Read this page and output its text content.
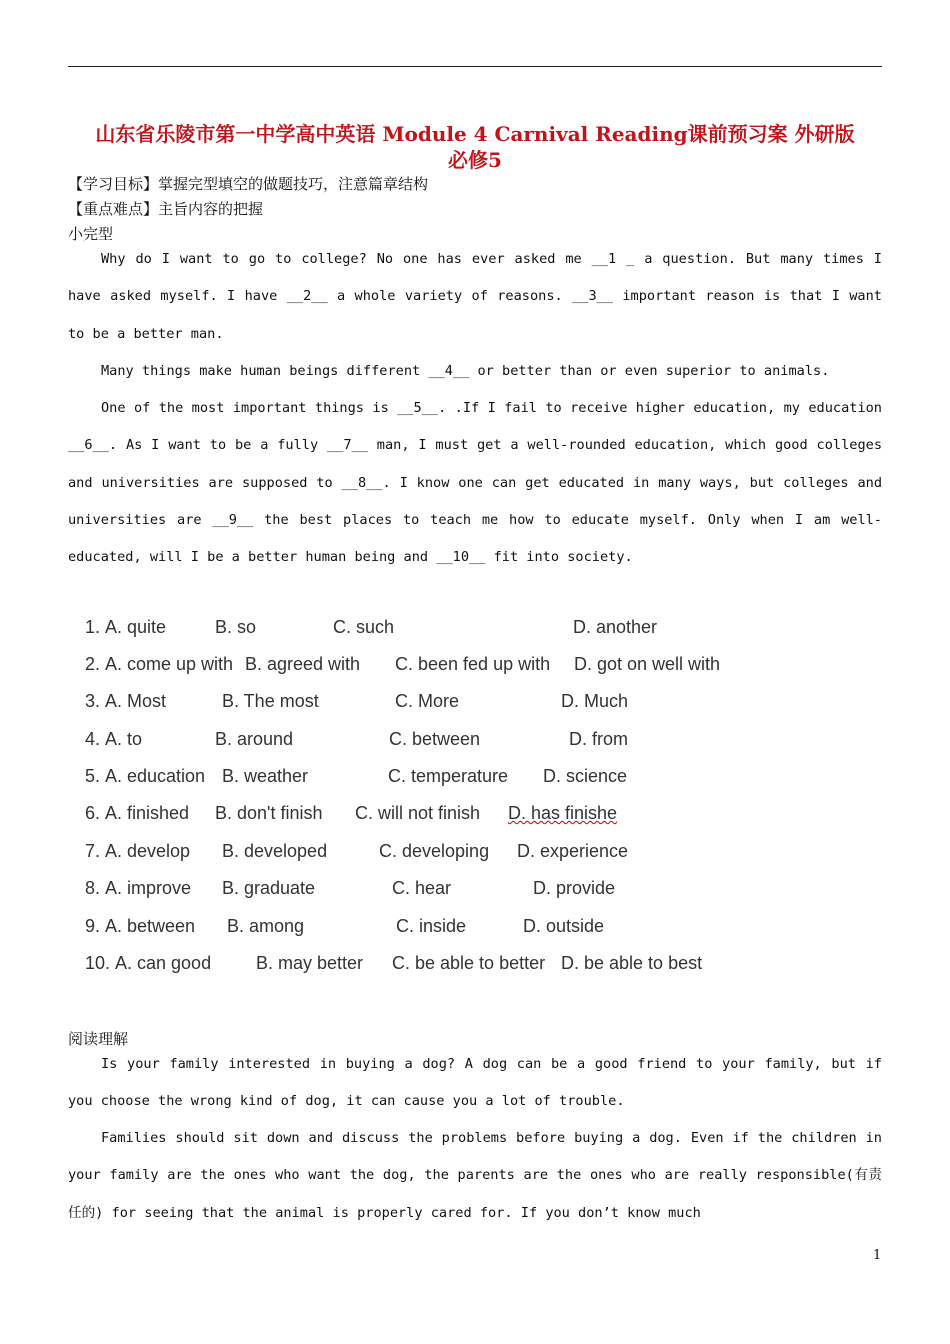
山东省乐陵市第一中学高中英语 Module 4 Carnival Reading课前预习案 外研版
必修5
【学习目标】掌握完型填空的做题技巧，注意篇章结构
【重点难点】主旨内容的把握
小完型

Why do I want to go to college? No one has ever asked me __1 _ a question. But many times I have asked myself. I have __2__ a whole variety of reasons. __3__ important reason is that I want to be a better man.

Many things make human beings different __4__ or better than or even superior to animals.

One of the most important things is __5__. .If I fail to receive higher education, my education __6__. As I want to be a fully __7__ man, I must get a well-rounded education, which good colleges and universities are supposed to __8__. I know one can get educated in many ways, but colleges and universities are __9__ the best places to teach me how to educate myself. Only when I am well-educated, will I be a better human being and __10__ fit into society.

1. A. quite	B. so	C. such	D. another
2. A. come up with B. agreed with C. been fed up with D. got on well with
3. A. Most	B. The most	C. More	D. Much
4. A. to	B. around	C. between	D. from
5. A. education B. weather	C. temperature D. science
6. A. finished B. don't finish C. will not finish D. has finishe
7. A. develop B. developed	C. developing D. experience
8. A. improve B. graduate	C. hear	D. provide
9. A. between B. among	C. inside	D. outside
10. A. can good B. may better C. be able to better D. be able to best
阅读理解

Is your family interested in buying a dog? A dog can be a good friend to your family, but if you choose the wrong kind of dog, it can cause you a lot of trouble.

Families should sit down and discuss the problems before buying a dog. Even if the children in your family are the ones who want the dog, the parents are the ones who are really responsible(有责任的) for seeing that the animal is properly cared for. If you don’t know much

1
